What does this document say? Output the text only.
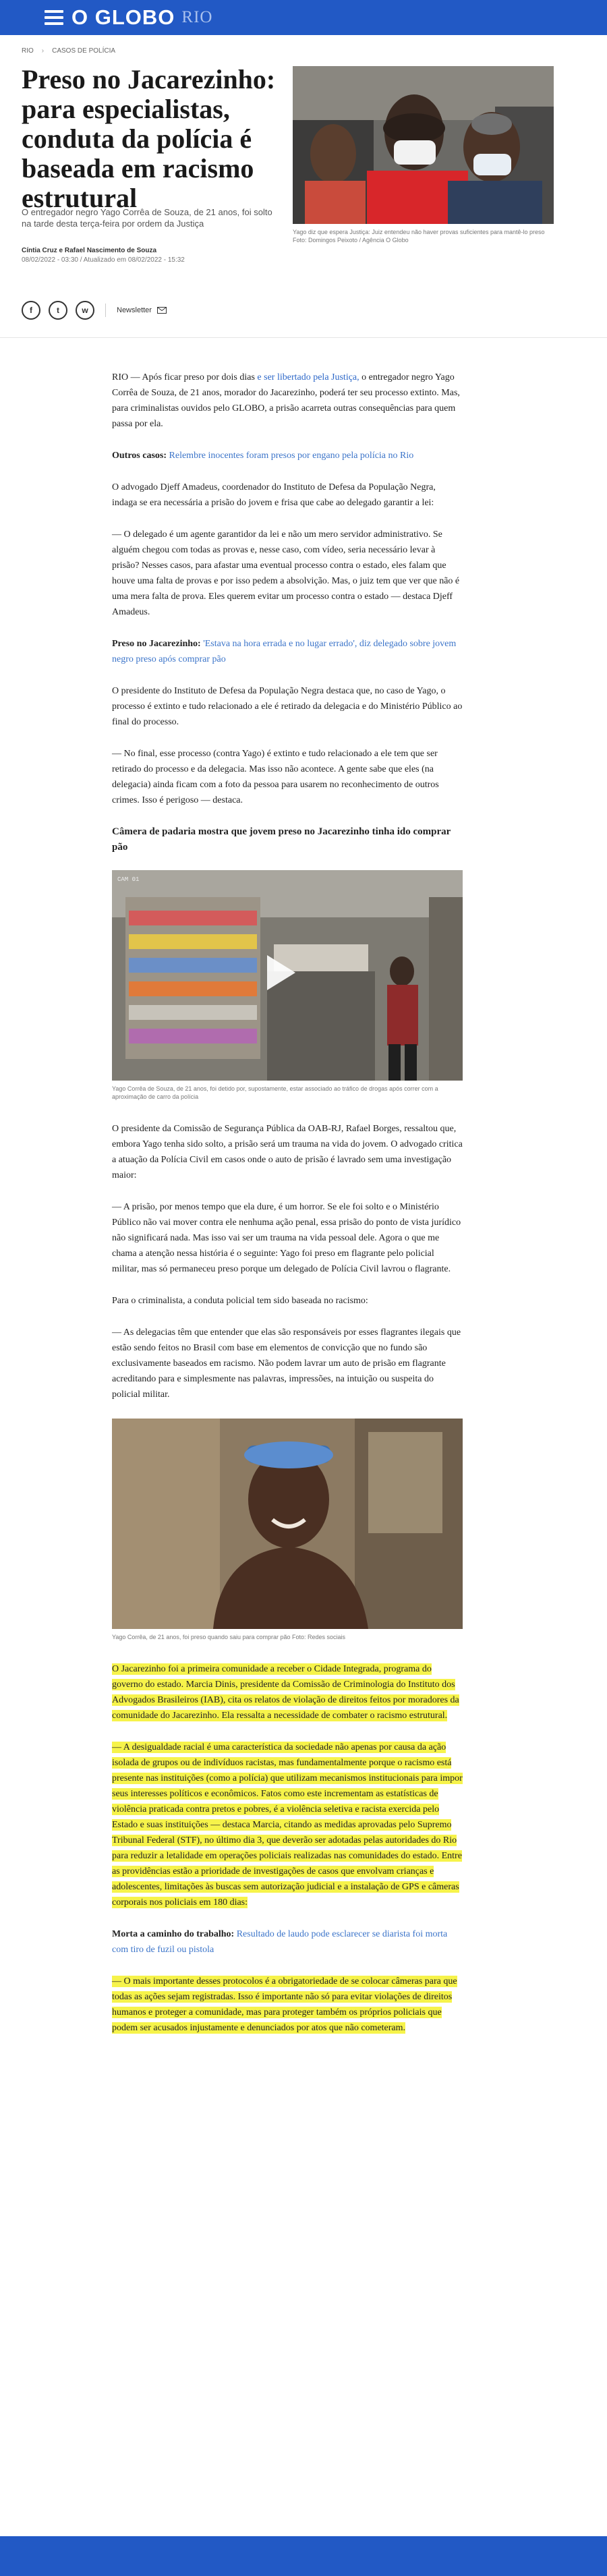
O GLOBO RIO
RIO › CASOS DE POLÍCIA
Preso no Jacarezinho: para especialistas, conduta da polícia é baseada em racismo estrutural

O entregador negro Yago Corrêa de Souza, de 21 anos, foi solto na tarde desta terça-feira por ordem da Justiça

Cíntia Cruz e Rafael Nascimento de Souza
08/02/2022 - 03:30 / Atualizado em 08/02/2022 - 15:32
Yago diz que espera Justiça: Juiz entendeu não haver provas suficientes para mantê-lo preso Foto: Domingos Peixoto / Agência O Globo
f	t	w	Newsletter

RIO — Após ficar preso por dois dias e ser libertado pela Justiça, o entregador negro Yago Corrêa de Souza, de 21 anos, morador do Jacarezinho, poderá ter seu processo extinto. Mas, para criminalistas ouvidos pelo GLOBO, a prisão acarreta outras consequências para quem passa por ela.

Outros casos: Relembre inocentes foram presos por engano pela polícia no Rio

O advogado Djeff Amadeus, coordenador do Instituto de Defesa da População Negra, indaga se era necessária a prisão do jovem e frisa que cabe ao delegado garantir a lei:

— O delegado é um agente garantidor da lei e não um mero servidor administrativo. Se alguém chegou com todas as provas e, nesse caso, com vídeo, seria necessário levar à prisão? Nesses casos, para afastar uma eventual processo contra o estado, eles falam que houve uma falta de provas e por isso pedem a absolvição. Mas, o juiz tem que ver que não é uma mera falta de prova. Eles querem evitar um processo contra o estado — destaca Djeff Amadeus.

Preso no Jacarezinho: 'Estava na hora errada e no lugar errado', diz delegado sobre jovem negro preso após comprar pão

O presidente do Instituto de Defesa da População Negra destaca que, no caso de Yago, o processo é extinto e tudo relacionado a ele é retirado da delegacia e do Ministério Público ao final do processo.

— No final, esse processo (contra Yago) é extinto e tudo relacionado a ele tem que ser retirado do processo e da delegacia. Mas isso não acontece. A gente sabe que eles (na delegacia) ainda ficam com a foto da pessoa para usarem no reconhecimento de outros crimes. Isso é perigoso — destaca.

Câmera de padaria mostra que jovem preso no Jacarezinho tinha ido comprar pão
CAM 01
Yago Corrêa de Souza, de 21 anos, foi detido por, supostamente, estar associado ao tráfico de drogas após correr com a aproximação de carro da polícia

O presidente da Comissão de Segurança Pública da OAB-RJ, Rafael Borges, ressaltou que, embora Yago tenha sido solto, a prisão será um trauma na vida do jovem. O advogado critica a atuação da Polícia Civil em casos onde o auto de prisão é lavrado sem uma investigação maior:

— A prisão, por menos tempo que ela dure, é um horror. Se ele foi solto e o Ministério Público não vai mover contra ele nenhuma ação penal, essa prisão do ponto de vista jurídico não significará nada. Mas isso vai ser um trauma na vida pessoal dele. Agora o que me chama a atenção nessa história é o seguinte: Yago foi preso em flagrante pelo policial militar, mas só permaneceu preso porque um delegado de Polícia Civil lavrou o flagrante.

Para o criminalista, a conduta policial tem sido baseada no racismo:

— As delegacias têm que entender que elas são responsáveis por esses flagrantes ilegais que estão sendo feitos no Brasil com base em elementos de convicção que no fundo são exclusivamente baseados em racismo. Não podem lavrar um auto de prisão em flagrante acreditando para e simplesmente nas palavras, impressões, na intuição ou suspeita do policial militar.

Yago Corrêa, de 21 anos, foi preso quando saiu para comprar pão Foto: Redes sociais

O Jacarezinho foi a primeira comunidade a receber o Cidade Integrada, programa do governo do estado. Marcia Dinis, presidente da Comissão de Criminologia do Instituto dos Advogados Brasileiros (IAB), cita os relatos de violação de direitos feitos por moradores da comunidade do Jacarezinho. Ela ressalta a necessidade de combater o racismo estrutural.

— A desigualdade racial é uma característica da sociedade não apenas por causa da ação isolada de grupos ou de indivíduos racistas, mas fundamentalmente porque o racismo está presente nas instituições (como a polícia) que utilizam mecanismos institucionais para impor seus interesses políticos e econômicos. Fatos como este incrementam as estatísticas de violência praticada contra pretos e pobres, é a violência seletiva e racista exercida pelo Estado e suas instituições — destaca Marcia, citando as medidas aprovadas pelo Supremo Tribunal Federal (STF), no último dia 3, que deverão ser adotadas pelas autoridades do Rio para reduzir a letalidade em operações policiais realizadas nas comunidades do estado. Entre as providências estão a prioridade de investigações de casos que envolvam crianças e adolescentes, limitações às buscas sem autorização judicial e a instalação de GPS e câmeras corporais nos policiais em 180 dias:

Morta a caminho do trabalho: Resultado de laudo pode esclarecer se diarista foi morta com tiro de fuzil ou pistola

— O mais importante desses protocolos é a obrigatoriedade de se colocar câmeras para que todas as ações sejam registradas. Isso é importante não só para evitar violações de direitos humanos e proteger a comunidade, mas para proteger também os próprios policiais que podem ser acusados injustamente e denunciados por atos que não cometeram.
